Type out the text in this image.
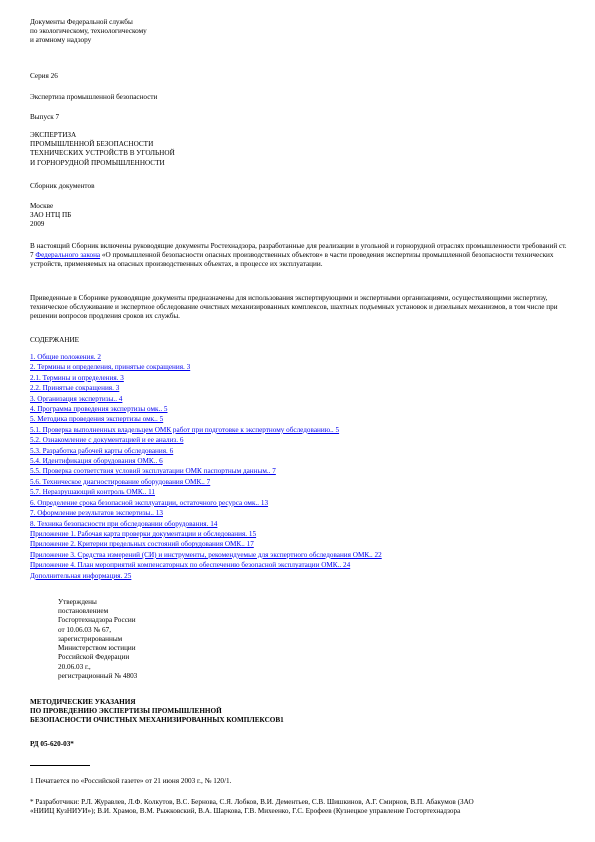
Документы Федеральной службы
по экологическому, технологическому
и атомному надзору
Серия 26
Экспертиза промышленной безопасности
Выпуск 7
ЭКСПЕРТИЗА
ПРОМЫШЛЕННОЙ БЕЗОПАСНОСТИ
ТЕХНИЧЕСКИХ УСТРОЙСТВ В УГОЛЬНОЙ
И ГОРНОРУДНОЙ ПРОМЫШЛЕННОСТИ
Сборник документов
Москве
ЗАО НТЦ ПБ
2009
В настоящий Сборник включены руководящие документы Ростехнадзора, разработанные для реализации в угольной и горнорудной отраслях промышленности требований ст. 7 Федерального закона «О промышленной безопасности опасных производственных объектов» в части проведения экспертизы промышленной безопасности технических устройств, применяемых на опасных производственных объектах, в процессе их эксплуатации.
Приведенные в Сборнике руководящие документы предназначены для использования экспертирующими и экспертными организациями, осуществляющими экспертизу, техническое обслуживание и экспертное обследование очистных механизированных комплексов, шахтных подъемных установок и дизельных механизмов, в том числе при решении вопросов продления сроков их службы.
СОДЕРЖАНИЕ
1. Общие положения. 2
2. Термины и определения, принятые сокращения. 3
2.1. Термины и определения. 3
2.2. Принятые сокращения. 3
3. Организация экспертизы.. 4
4. Программа проведения экспертизы омк.. 5
5. Методика проведения экспертизы омк.. 5
5.1. Проверка выполненных владельцем ОМК работ при подготовке к экспертному обследованию.. 5
5.2. Ознакомление с документацией и ее анализ. 6
5.3. Разработка рабочей карты обследования. 6
5.4. Идентификация оборудования ОМК.. 6
5.5. Проверка соответствия условий эксплуатации ОМК паспортным данным.. 7
5.6. Техническое диагностирование оборудования ОМК.. 7
5.7. Неразрушающий контроль ОМК.. 11
6. Определение срока безопасной эксплуатации, остаточного ресурса омк.. 13
7. Оформление результатов экспертизы.. 13
8. Техника безопасности при обследовании оборудования. 14
Приложение 1. Рабочая карта проверки документации и обследования. 15
Приложение 2. Критерии предельных состояний оборудования ОМК.. 17
Приложение 3. Средства измерений (СИ) и инструменты, рекомендуемые для экспертного обследования ОМК.. 22
Приложение 4. План мероприятий компенсаторных по обеспечению безопасной эксплуатации ОМК.. 24
Дополнительная информация. 25
Утверждены
постановлением
Госгортехнадзора России
от 10.06.03 № 67,
зарегистрированным
Министерством юстиции
Российской Федерации
20.06.03 г.,
регистрационный № 4803
МЕТОДИЧЕСКИЕ УКАЗАНИЯ
ПО ПРОВЕДЕНИЮ ЭКСПЕРТИЗЫ ПРОМЫШЛЕННОЙ
БЕЗОПАСНОСТИ ОЧИСТНЫХ МЕХАНИЗИРОВАННЫХ КОМПЛЕКСОВ1
РД 05-620-03*
1 Печатается по «Российской газете» от 21 июня 2003 г., № 120/1.
* Разработчики: Р.Л. Журавлев, Л.Ф. Колкутов, В.С. Бернова, С.Я. Лобков, В.И. Дементьев, С.В. Шишкинов, А.Г. Смирнов, В.П. Абакумов (ЗАО
«НИИЦ КузНИУИ»); В.И. Храмов, В.М. Рыжковский, В.А. Шаркова, Г.В. Михеенко, Г.С. Ерофеев (Кузнецкое управление Госгортехнадзора
